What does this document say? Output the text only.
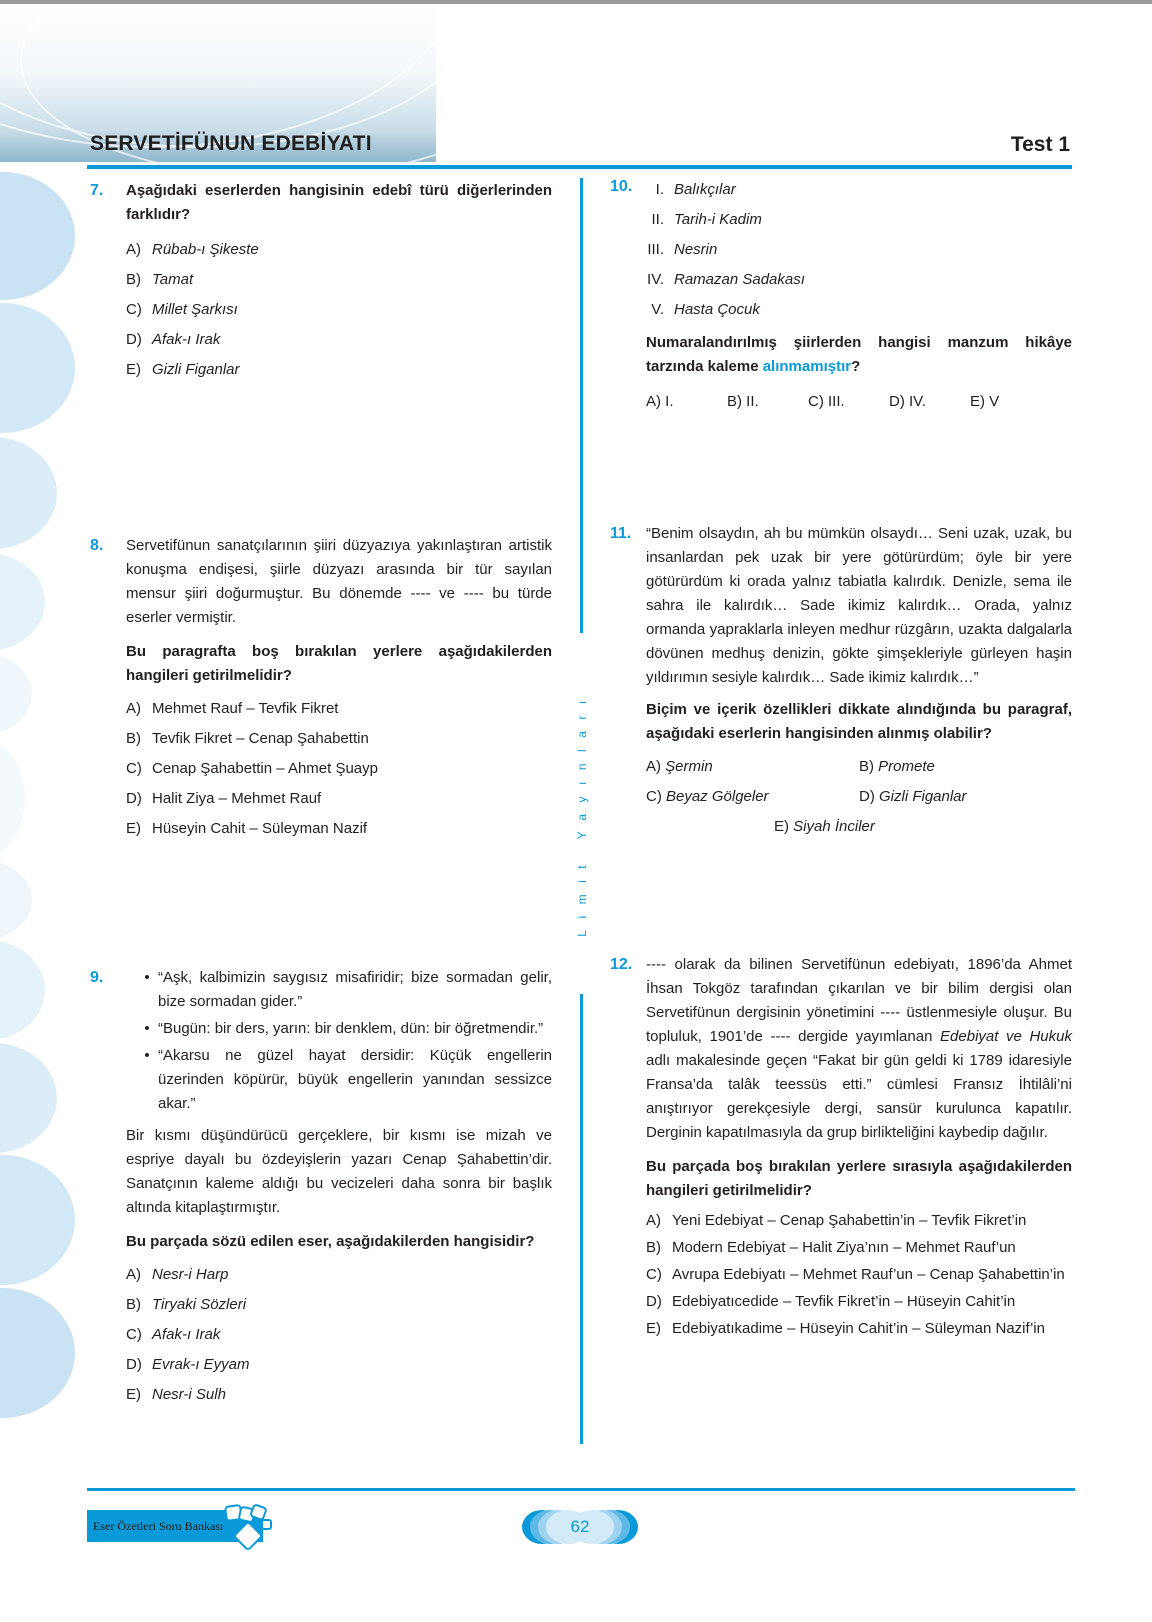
SERVETİFÜNUN EDEBİYATI	Test 1
Limit Yayınları
7. Aşağıdaki eserlerden hangisinin edebî türü diğerlerinden farklıdır?
A) Rübab-ı Şikeste
B) Tamat
C) Millet Şarkısı
D) Afak-ı Irak
E) Gizli Figanlar
8. Servetifünun sanatçılarının şiiri düzyazıya yakınlaştıran artistik konuşma endişesi, şiirle düzyazı arasında bir tür sayılan mensur şiiri doğurmuştur. Bu dönemde ---- ve ---- bu türde eserler vermiştir.
Bu paragrafta boş bırakılan yerlere aşağıdakilerden hangileri getirilmelidir?
A) Mehmet Rauf – Tevfik Fikret
B) Tevfik Fikret – Cenap Şahabettin
C) Cenap Şahabettin – Ahmet Şuayp
D) Halit Ziya – Mehmet Rauf
E) Hüseyin Cahit – Süleyman Nazif
9.	• “Aşk, kalbimizin saygısız misafiridir; bize sormadan gelir, bize sormadan gider.”
• “Bugün: bir ders, yarın: bir denklem, dün: bir öğretmendir.”
• “Akarsu ne güzel hayat dersidir: Küçük engellerin üzerinden köpürür, büyük engellerin yanından sessizce akar.”
Bir kısmı düşündürücü gerçeklere, bir kısmı ise mizah ve espriye dayalı bu özdeyişlerin yazarı Cenap Şahabettin’dir. Sanatçının kaleme aldığı bu vecizeleri daha sonra bir başlık altında kitaplaştırmıştır.
Bu parçada sözü edilen eser, aşağıdakilerden hangisidir?
A) Nesr-i Harp
B) Tiryaki Sözleri
C) Afak-ı Irak
D) Evrak-ı Eyyam
E) Nesr-i Sulh
10.	I. Balıkçılar
II. Tarih-i Kadim
III. Nesrin
IV. Ramazan Sadakası
V. Hasta Çocuk
Numaralandırılmış şiirlerden hangisi manzum hikâye tarzında kaleme alınmamıştır?
A) I.	B) II.	C) III.	D) IV.	E) V
11. “Benim olsaydın, ah bu mümkün olsaydı… Seni uzak, uzak, bu insanlardan pek uzak bir yere götürürdüm; öyle bir yere götürürdüm ki orada yalnız tabiatla kalırdık. Denizle, sema ile sahra ile kalırdık… Sade ikimiz kalırdık… Orada, yalnız ormanda yapraklarla inleyen medhur rüzgârın, uzakta dalgalarla dövünen medhuş denizin, gökte şimşekleriyle gürleyen haşin yıldırımın sesiyle kalırdık… Sade ikimiz kalırdık…”
Biçim ve içerik özellikleri dikkate alındığında bu paragraf, aşağıdaki eserlerin hangisinden alınmış olabilir?
A) Şermin	B) Promete
C) Beyaz Gölgeler	D) Gizli Figanlar
E) Siyah İnciler
12. ---- olarak da bilinen Servetifünun edebiyatı, 1896’da Ahmet İhsan Tokgöz tarafından çıkarılan ve bir bilim dergisi olan Servetifünun dergisinin yönetimini ---- üstlenmesiyle oluşur. Bu topluluk, 1901’de ---- dergide yayımlanan Edebiyat ve Hukuk adlı makalesinde geçen “Fakat bir gün geldi ki 1789 idaresiyle Fransa’da talâk teessüs etti.” cümlesi Fransız İhtilâli’ni anıştırıyor gerekçesiyle dergi, sansür kurulunca kapatılır. Derginin kapatılmasıyla da grup birlikteliğini kaybedip dağılır.
Bu parçada boş bırakılan yerlere sırasıyla aşağıdakilerden hangileri getirilmelidir?
A) Yeni Edebiyat – Cenap Şahabettin’in – Tevfik Fikret’in
B) Modern Edebiyat – Halit Ziya’nın – Mehmet Rauf’un
C) Avrupa Edebiyatı – Mehmet Rauf’un – Cenap Şahabettin’in
D) Edebiyatıcedide – Tevfik Fikret’in – Hüseyin Cahit’in
E) Edebiyatıkadime – Hüseyin Cahit’in – Süleyman Nazif’in
Eser Özetleri Soru Bankası	62
